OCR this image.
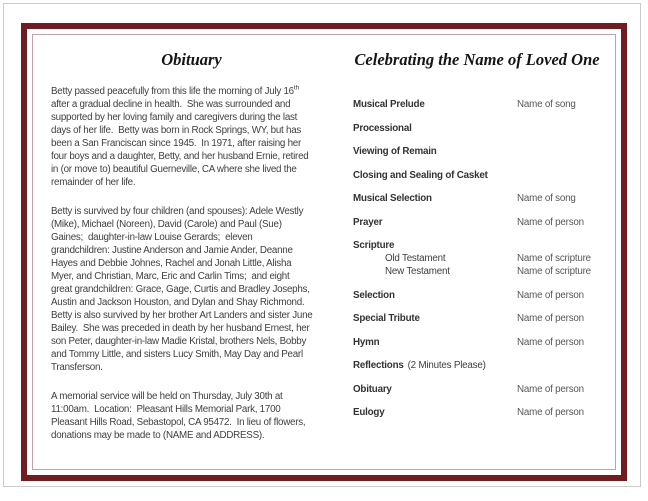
Obituary
Betty passed peacefully from this life the morning of July 16th
after a gradual decline in health.  She was surrounded and
supported by her loving family and caregivers during the last
days of her life.  Betty was born in Rock Springs, WY, but has
been a San Franciscan since 1945.  In 1971, after raising her
four boys and a daughter, Betty, and her husband Ernie, retired
in (or move to) beautiful Guerneville, CA where she lived the
remainder of her life.
Betty is survived by four children (and spouses): Adele Westly
(Mike), Michael (Noreen), David (Carole) and Paul (Sue)
Gaines;  daughter-in-law Louise Gerards;  eleven
grandchildren: Justine Anderson and Jamie Ander, Deanne
Hayes and Debbie Johnes, Rachel and Jonah Little, Alisha
Myer, and Christian, Marc, Eric and Carlin Tims;  and eight
great grandchildren: Grace, Gage, Curtis and Bradley Josephs,
Austin and Jackson Houston, and Dylan and Shay Richmond.
Betty is also survived by her brother Art Landers and sister June
Bailey.  She was preceded in death by her husband Ernest, her
son Peter, daughter-in-law Madie Kristal, brothers Nels, Bobby
and Tommy Little, and sisters Lucy Smith, May Day and Pearl
Transferson.
A memorial service will be held on Thursday, July 30th at
11:00am.  Location:  Pleasant Hills Memorial Park, 1700
Pleasant Hills Road, Sebastopol, CA 95472.  In lieu of flowers,
donations may be made to (NAME and ADDRESS).
Celebrating the Name of Loved One
Musical Prelude	Name of song
Processional
Viewing of Remain
Closing and Sealing of Casket
Musical Selection	Name of song
Prayer	Name of person
Scripture
Old Testament	Name of scripture
New Testament	Name of scripture
Selection	Name of person
Special Tribute	Name of person
Hymn	Name of person
Reflections (2 Minutes Please)
Obituary	Name of person
Eulogy	Name of person
